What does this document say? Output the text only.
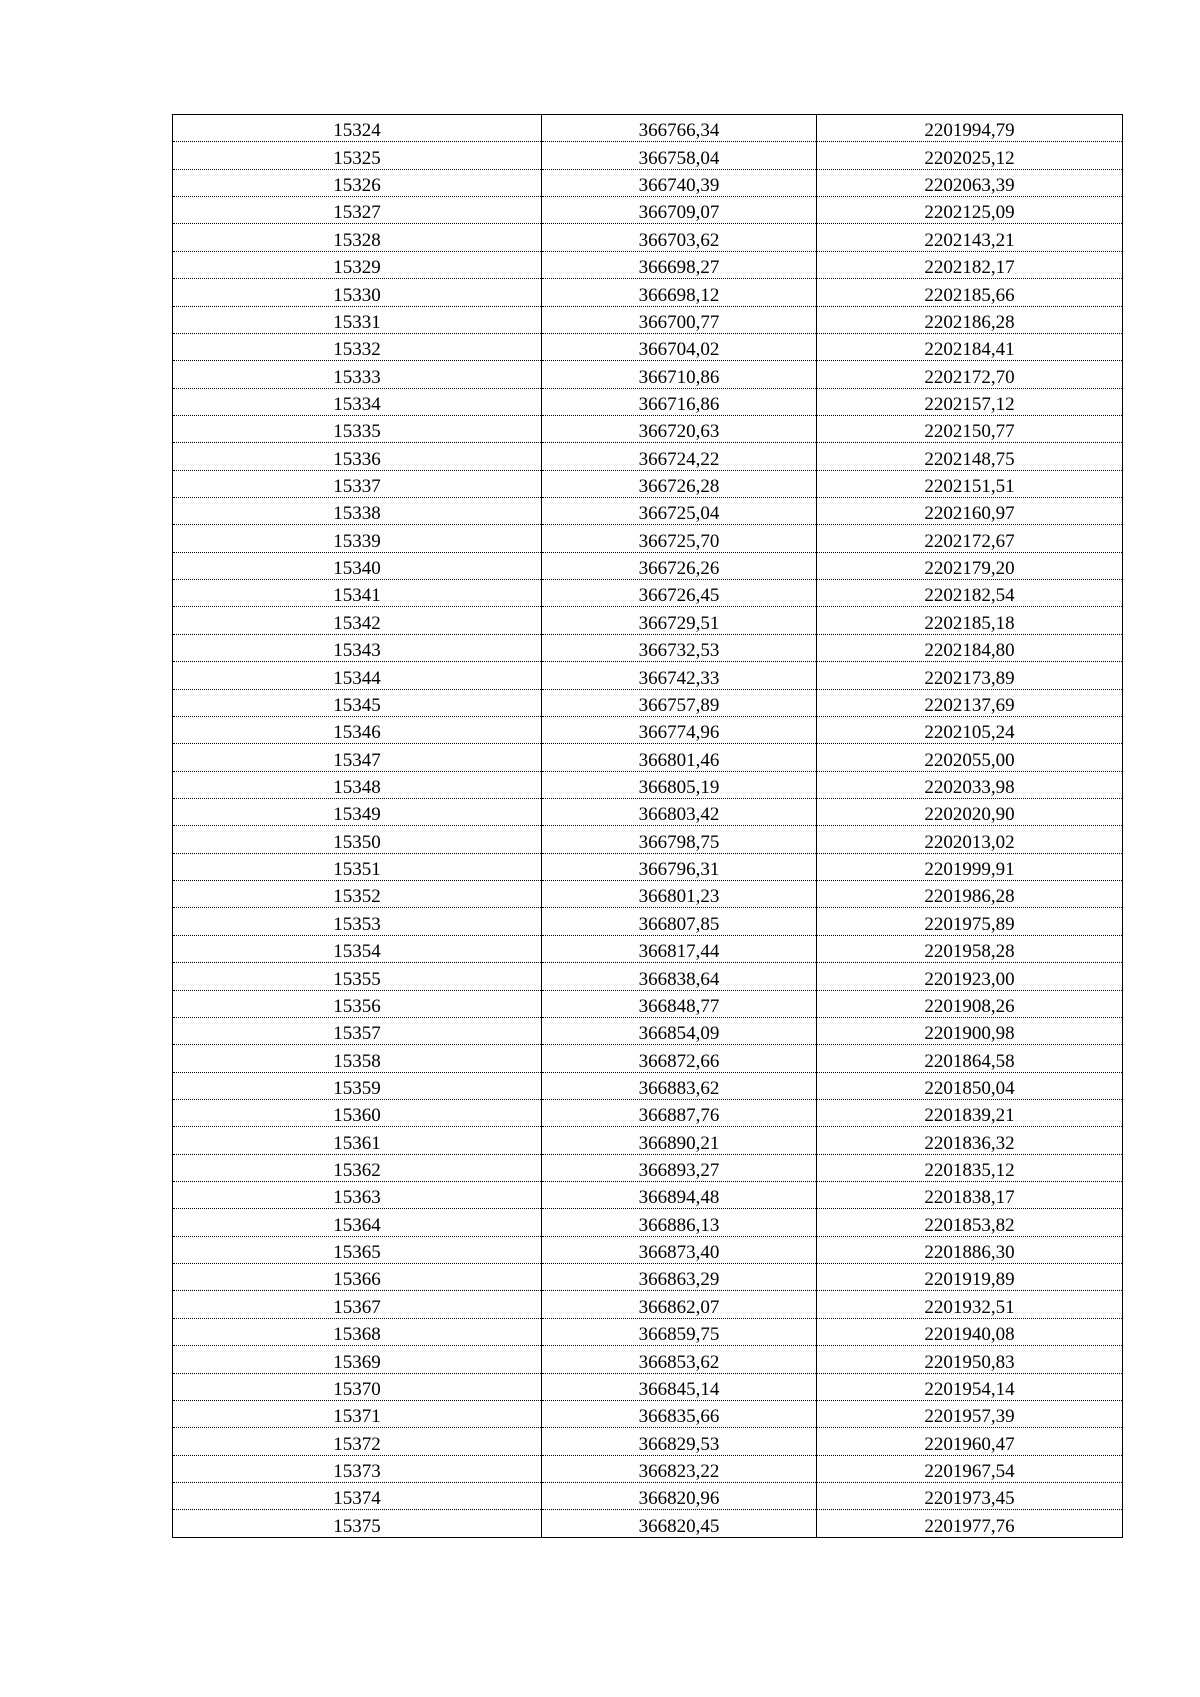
15324	366766,34	2201994,79
15325	366758,04	2202025,12
15326	366740,39	2202063,39
15327	366709,07	2202125,09
15328	366703,62	2202143,21
15329	366698,27	2202182,17
15330	366698,12	2202185,66
15331	366700,77	2202186,28
15332	366704,02	2202184,41
15333	366710,86	2202172,70
15334	366716,86	2202157,12
15335	366720,63	2202150,77
15336	366724,22	2202148,75
15337	366726,28	2202151,51
15338	366725,04	2202160,97
15339	366725,70	2202172,67
15340	366726,26	2202179,20
15341	366726,45	2202182,54
15342	366729,51	2202185,18
15343	366732,53	2202184,80
15344	366742,33	2202173,89
15345	366757,89	2202137,69
15346	366774,96	2202105,24
15347	366801,46	2202055,00
15348	366805,19	2202033,98
15349	366803,42	2202020,90
15350	366798,75	2202013,02
15351	366796,31	2201999,91
15352	366801,23	2201986,28
15353	366807,85	2201975,89
15354	366817,44	2201958,28
15355	366838,64	2201923,00
15356	366848,77	2201908,26
15357	366854,09	2201900,98
15358	366872,66	2201864,58
15359	366883,62	2201850,04
15360	366887,76	2201839,21
15361	366890,21	2201836,32
15362	366893,27	2201835,12
15363	366894,48	2201838,17
15364	366886,13	2201853,82
15365	366873,40	2201886,30
15366	366863,29	2201919,89
15367	366862,07	2201932,51
15368	366859,75	2201940,08
15369	366853,62	2201950,83
15370	366845,14	2201954,14
15371	366835,66	2201957,39
15372	366829,53	2201960,47
15373	366823,22	2201967,54
15374	366820,96	2201973,45
15375	366820,45	2201977,76
